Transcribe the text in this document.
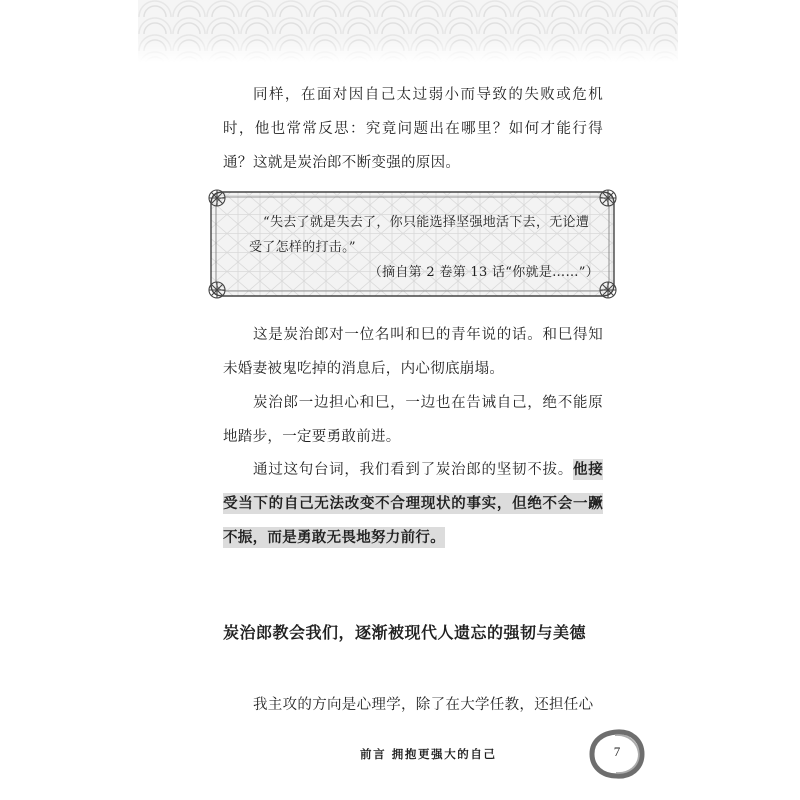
同样，在面对因自己太过弱小而导致的失败或危机时，他也常常反思：究竟问题出在哪里？如何才能行得通？ 这就是炭治郎不断变强的原因。

“失去了就是失去了，你只能选择坚强地活下去，无论遭受了怎样的打击。”
（摘自第 2 卷第 13 话“你就是……”）

这是炭治郎对一位名叫和巳的青年说的话。和巳得知未婚妻被鬼吃掉的消息后，内心彻底崩塌。

炭治郎一边担心和巳，一边也在告诫自己，绝不能原地踏步，一定要勇敢前进。

通过这句台词，我们看到了炭治郎的坚韧不拔。他接受当下的自己无法改变不合理现状的事实，但绝不会一蹶不振，而是勇敢无畏地努力前行。

炭治郎教会我们，逐渐被现代人遗忘的强韧与美德

我主攻的方向是心理学，除了在大学任教，还担任心

前言 拥抱更强大的自己	7
